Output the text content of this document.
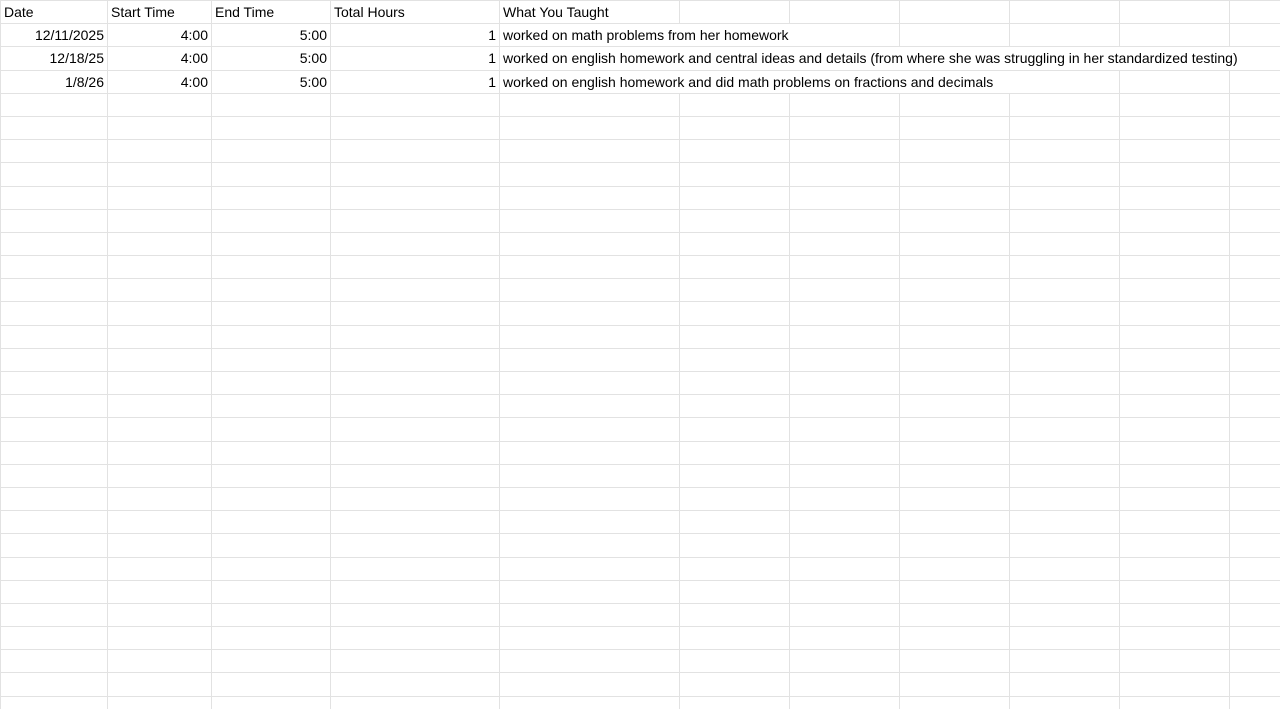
Date	Start Time	End Time	Total Hours	What You Taught
12/11/2025	4:00	5:00	1 worked on math problems from her homework
12/18/25	4:00	5:00	1 worked on english homework and central ideas and details (from where she was struggling in her standardized testing)
1/8/26	4:00	5:00	1 worked on english homework and did math problems on fractions and decimals
